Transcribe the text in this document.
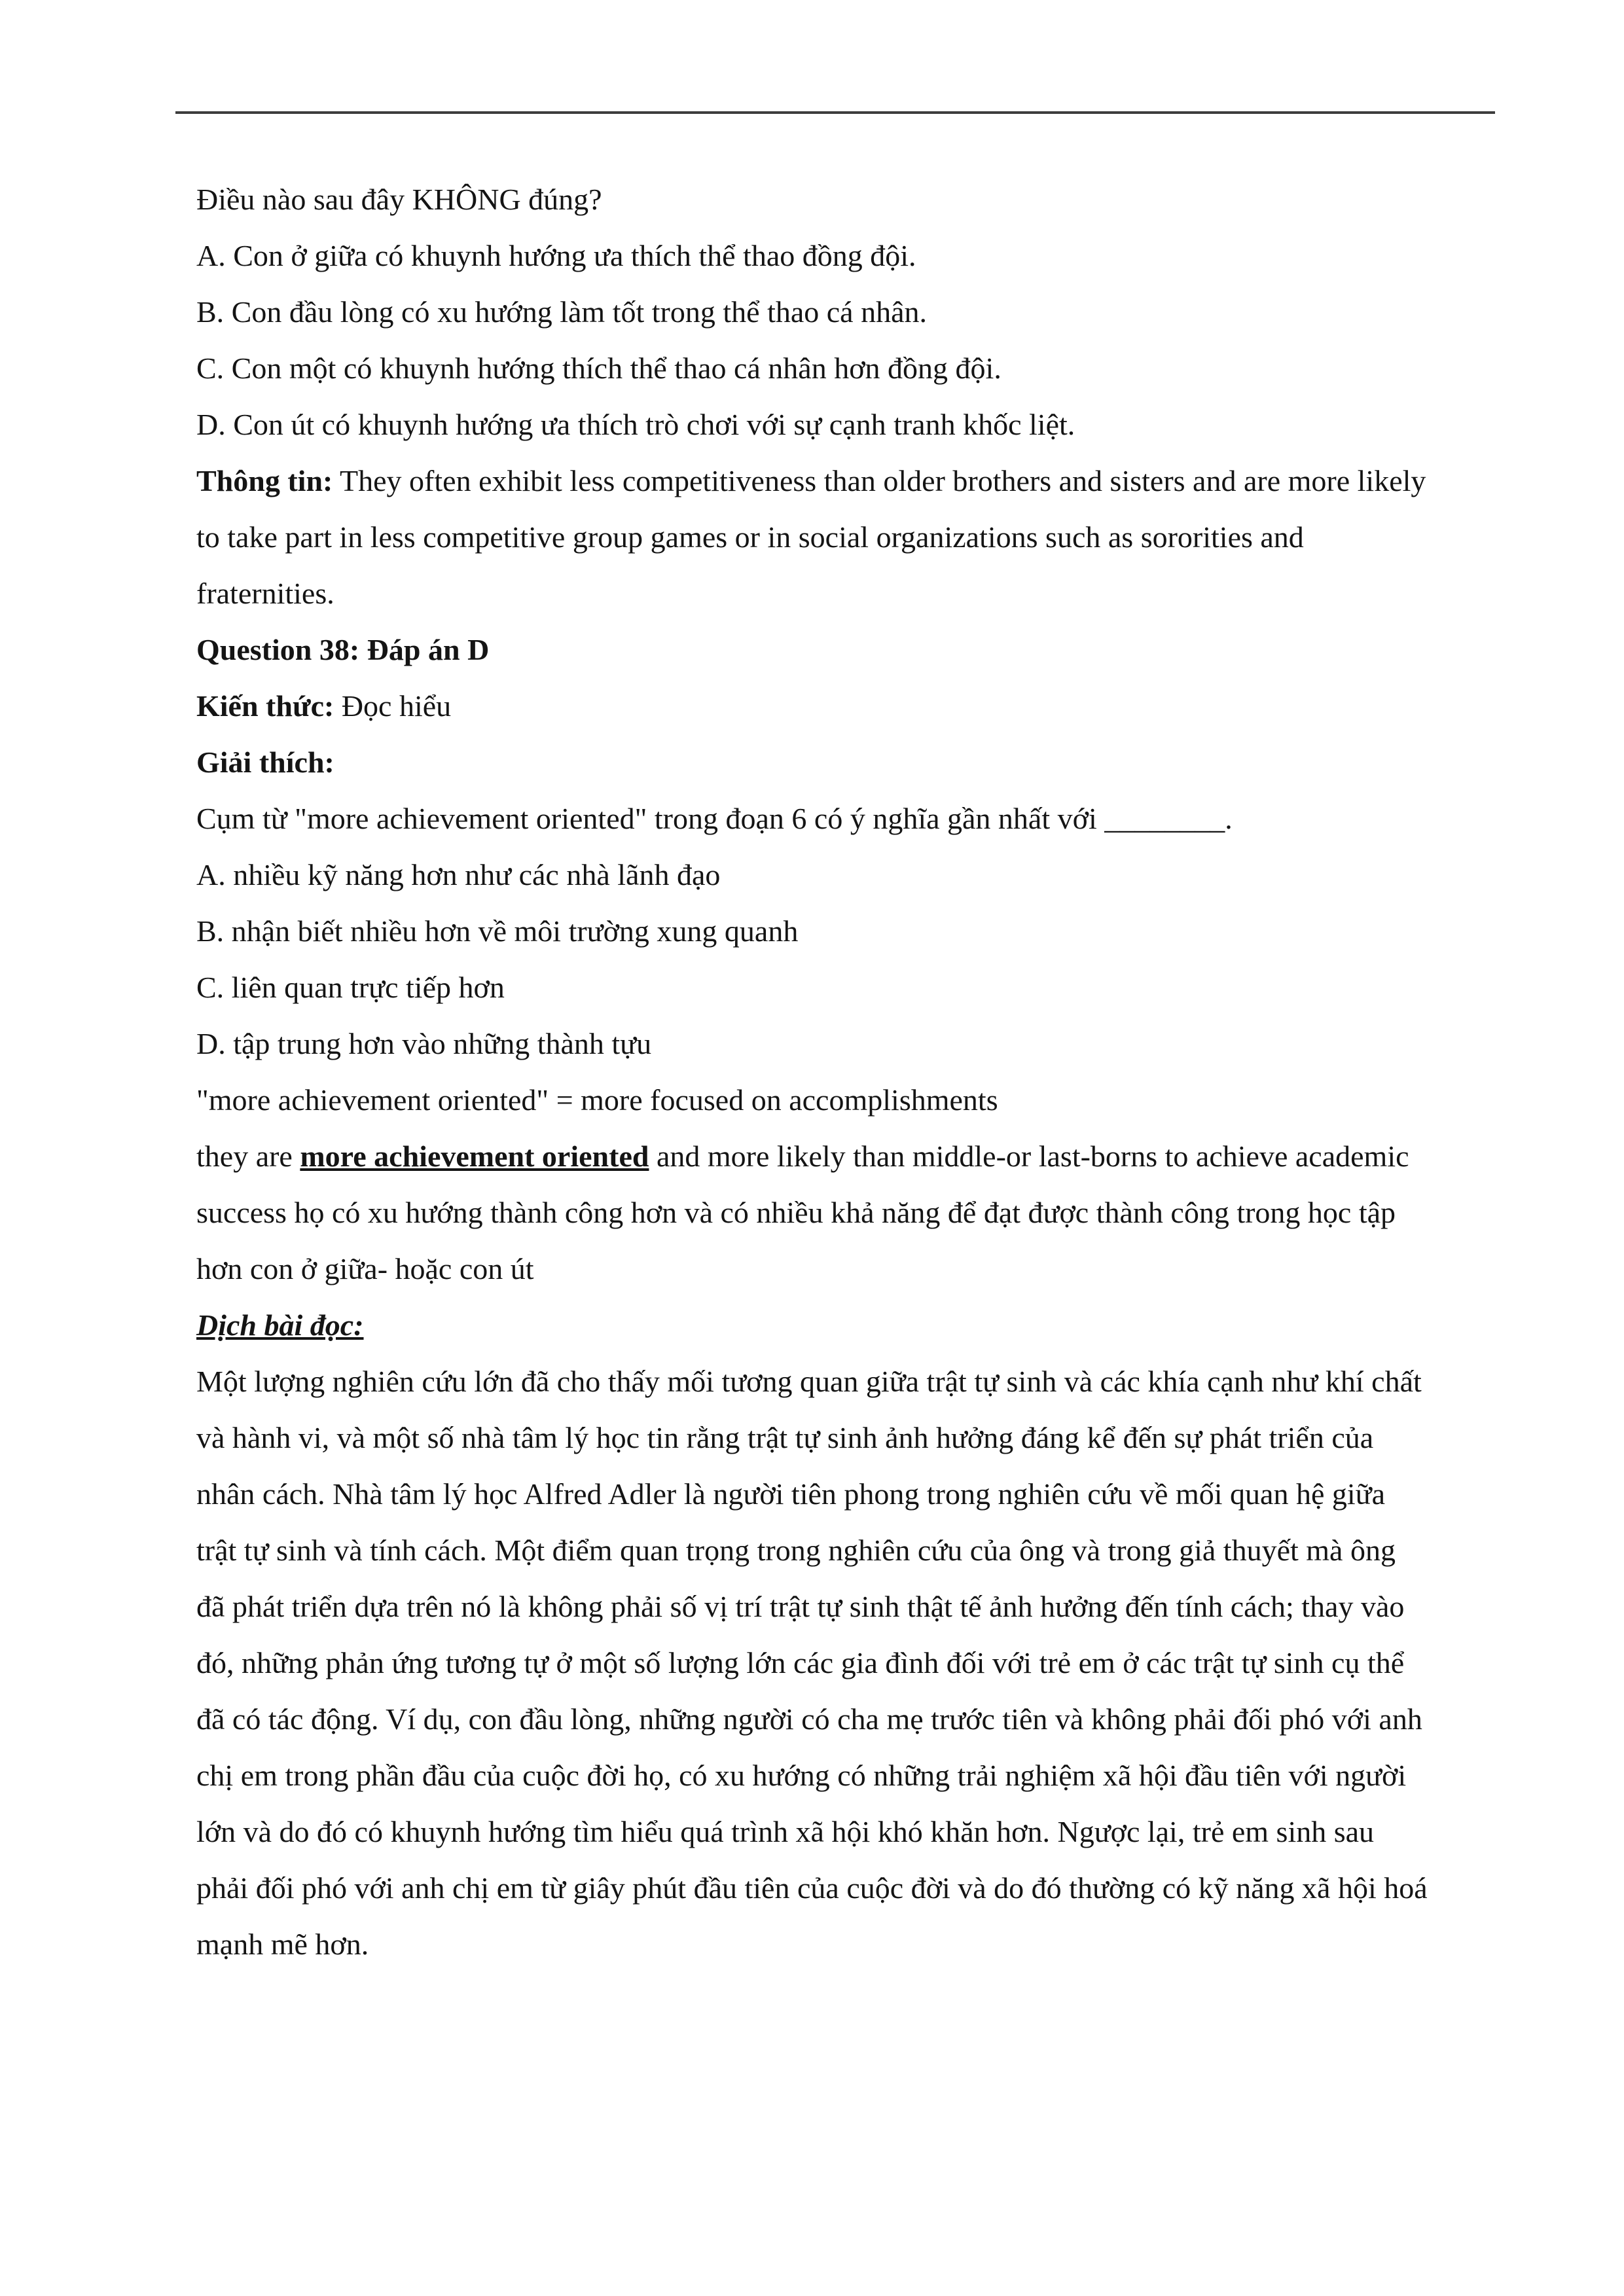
Điều nào sau đây KHÔNG đúng?

A. Con ở giữa có khuynh hướng ưa thích thể thao đồng đội.

B. Con đầu lòng có xu hướng làm tốt trong thể thao cá nhân.

C. Con một có khuynh hướng thích thể thao cá nhân hơn đồng đội.

D. Con út có khuynh hướng ưa thích trò chơi với sự cạnh tranh khốc liệt.

Thông tin: They often exhibit less competitiveness than older brothers and sisters and are more likely to take part in less competitive group games or in social organizations such as sororities and fraternities.

Question 38: Đáp án D

Kiến thức: Đọc hiểu

Giải thích:

Cụm từ "more achievement oriented" trong đoạn 6 có ý nghĩa gần nhất với ________.

A. nhiều kỹ năng hơn như các nhà lãnh đạo

B. nhận biết nhiều hơn về môi trường xung quanh

C. liên quan trực tiếp hơn

D. tập trung hơn vào những thành tựu

"more achievement oriented" = more focused on accomplishments

they are more achievement oriented and more likely than middle-or last-borns to achieve academic success họ có xu hướng thành công hơn và có nhiều khả năng để đạt được thành công trong học tập hơn con ở giữa- hoặc con út

Dịch bài đọc:

Một lượng nghiên cứu lớn đã cho thấy mối tương quan giữa trật tự sinh và các khía cạnh như khí chất và hành vi, và một số nhà tâm lý học tin rằng trật tự sinh ảnh hưởng đáng kể đến sự phát triển của nhân cách. Nhà tâm lý học Alfred Adler là người tiên phong trong nghiên cứu về mối quan hệ giữa trật tự sinh và tính cách. Một điểm quan trọng trong nghiên cứu của ông và trong giả thuyết mà ông đã phát triển dựa trên nó là không phải số vị trí trật tự sinh thật tế ảnh hưởng đến tính cách; thay vào đó, những phản ứng tương tự ở một số lượng lớn các gia đình đối với trẻ em ở các trật tự sinh cụ thể đã có tác động. Ví dụ, con đầu lòng, những người có cha mẹ trước tiên và không phải đối phó với anh chị em trong phần đầu của cuộc đời họ, có xu hướng có những trải nghiệm xã hội đầu tiên với người lớn và do đó có khuynh hướng tìm hiểu quá trình xã hội khó khăn hơn. Ngược lại, trẻ em sinh sau phải đối phó với anh chị em từ giây phút đầu tiên của cuộc đời và do đó thường có kỹ năng xã hội hoá mạnh mẽ hơn.
